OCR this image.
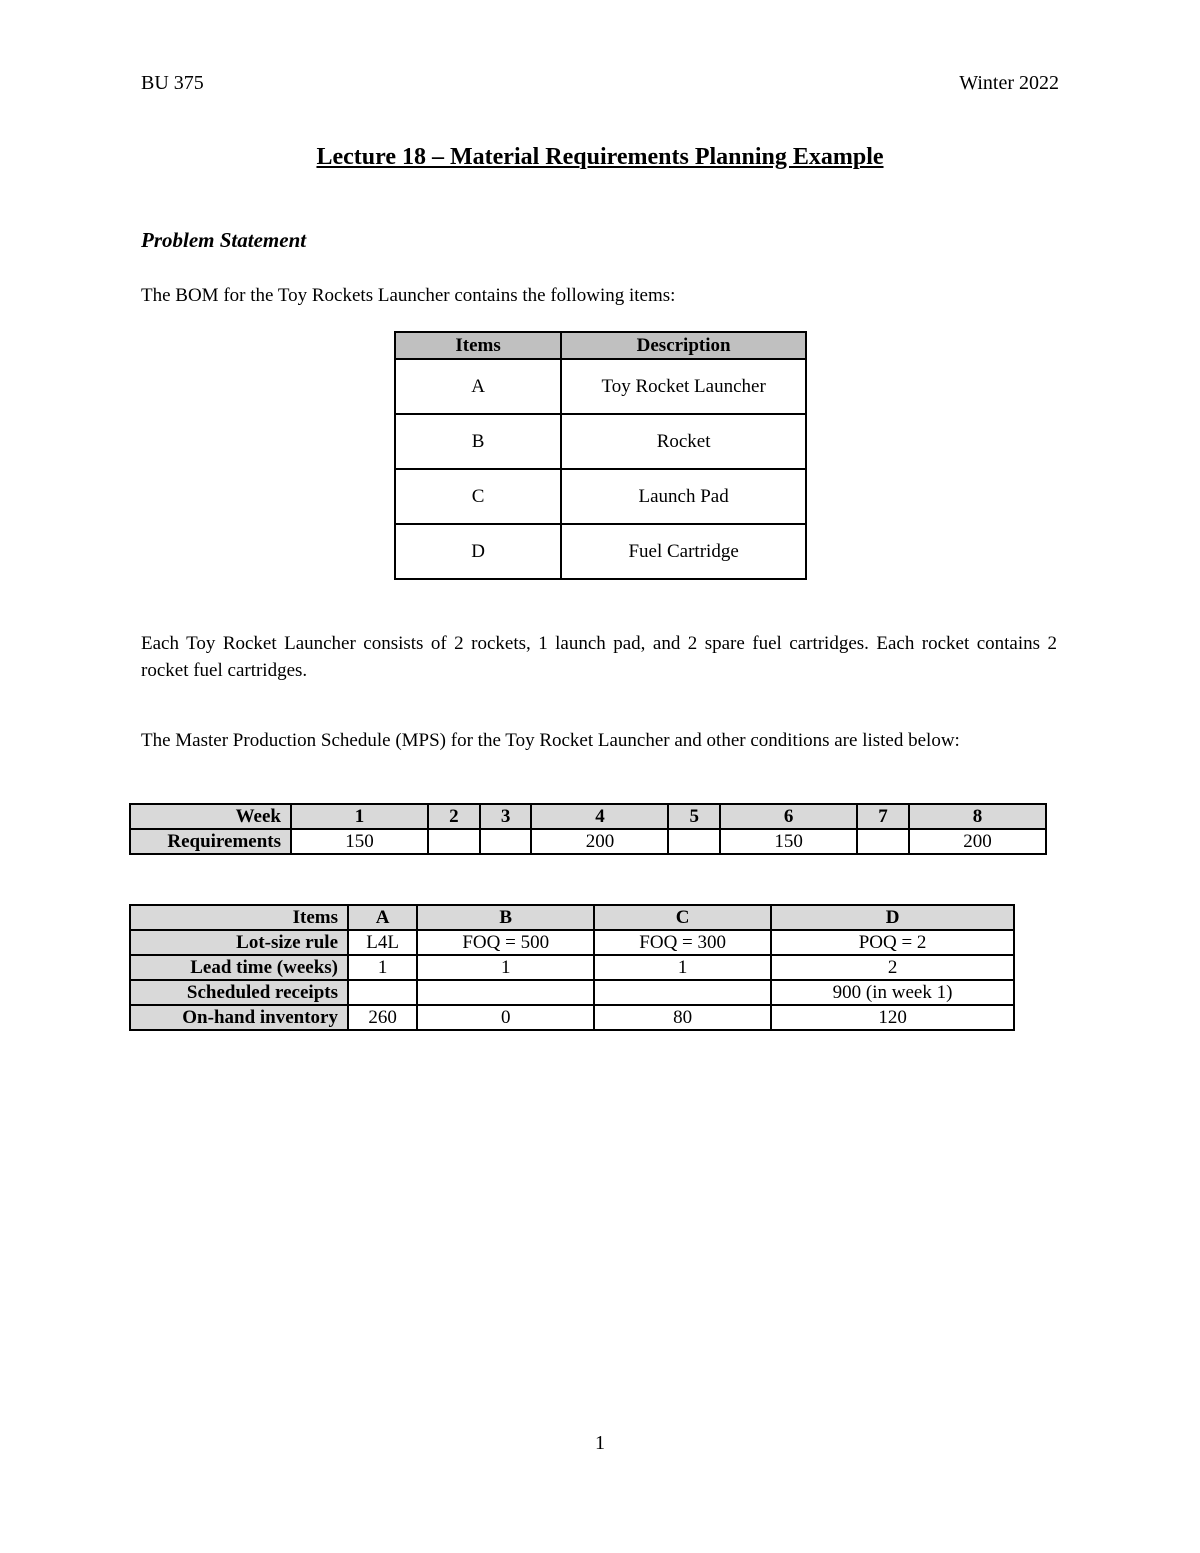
BU 375	Winter 2022
Lecture 18 – Material Requirements Planning Example
Problem Statement
The BOM for the Toy Rockets Launcher contains the following items:
Items	Description
A	Toy Rocket Launcher
B	Rocket
C	Launch Pad
D	Fuel Cartridge
Each Toy Rocket Launcher consists of 2 rockets, 1 launch pad, and 2 spare fuel cartridges. Each rocket contains 2 rocket fuel cartridges.
The Master Production Schedule (MPS) for the Toy Rocket Launcher and other conditions are listed below:
Week	1	2	3	4	5	6	7	8
Requirements	150			200		150		200
Items	A	B	C	D
Lot-size rule	L4L	FOQ = 500	FOQ = 300	POQ = 2
Lead time (weeks)	1	1	1	2
Scheduled receipts				900 (in week 1)
On-hand inventory	260	0	80	120
1
